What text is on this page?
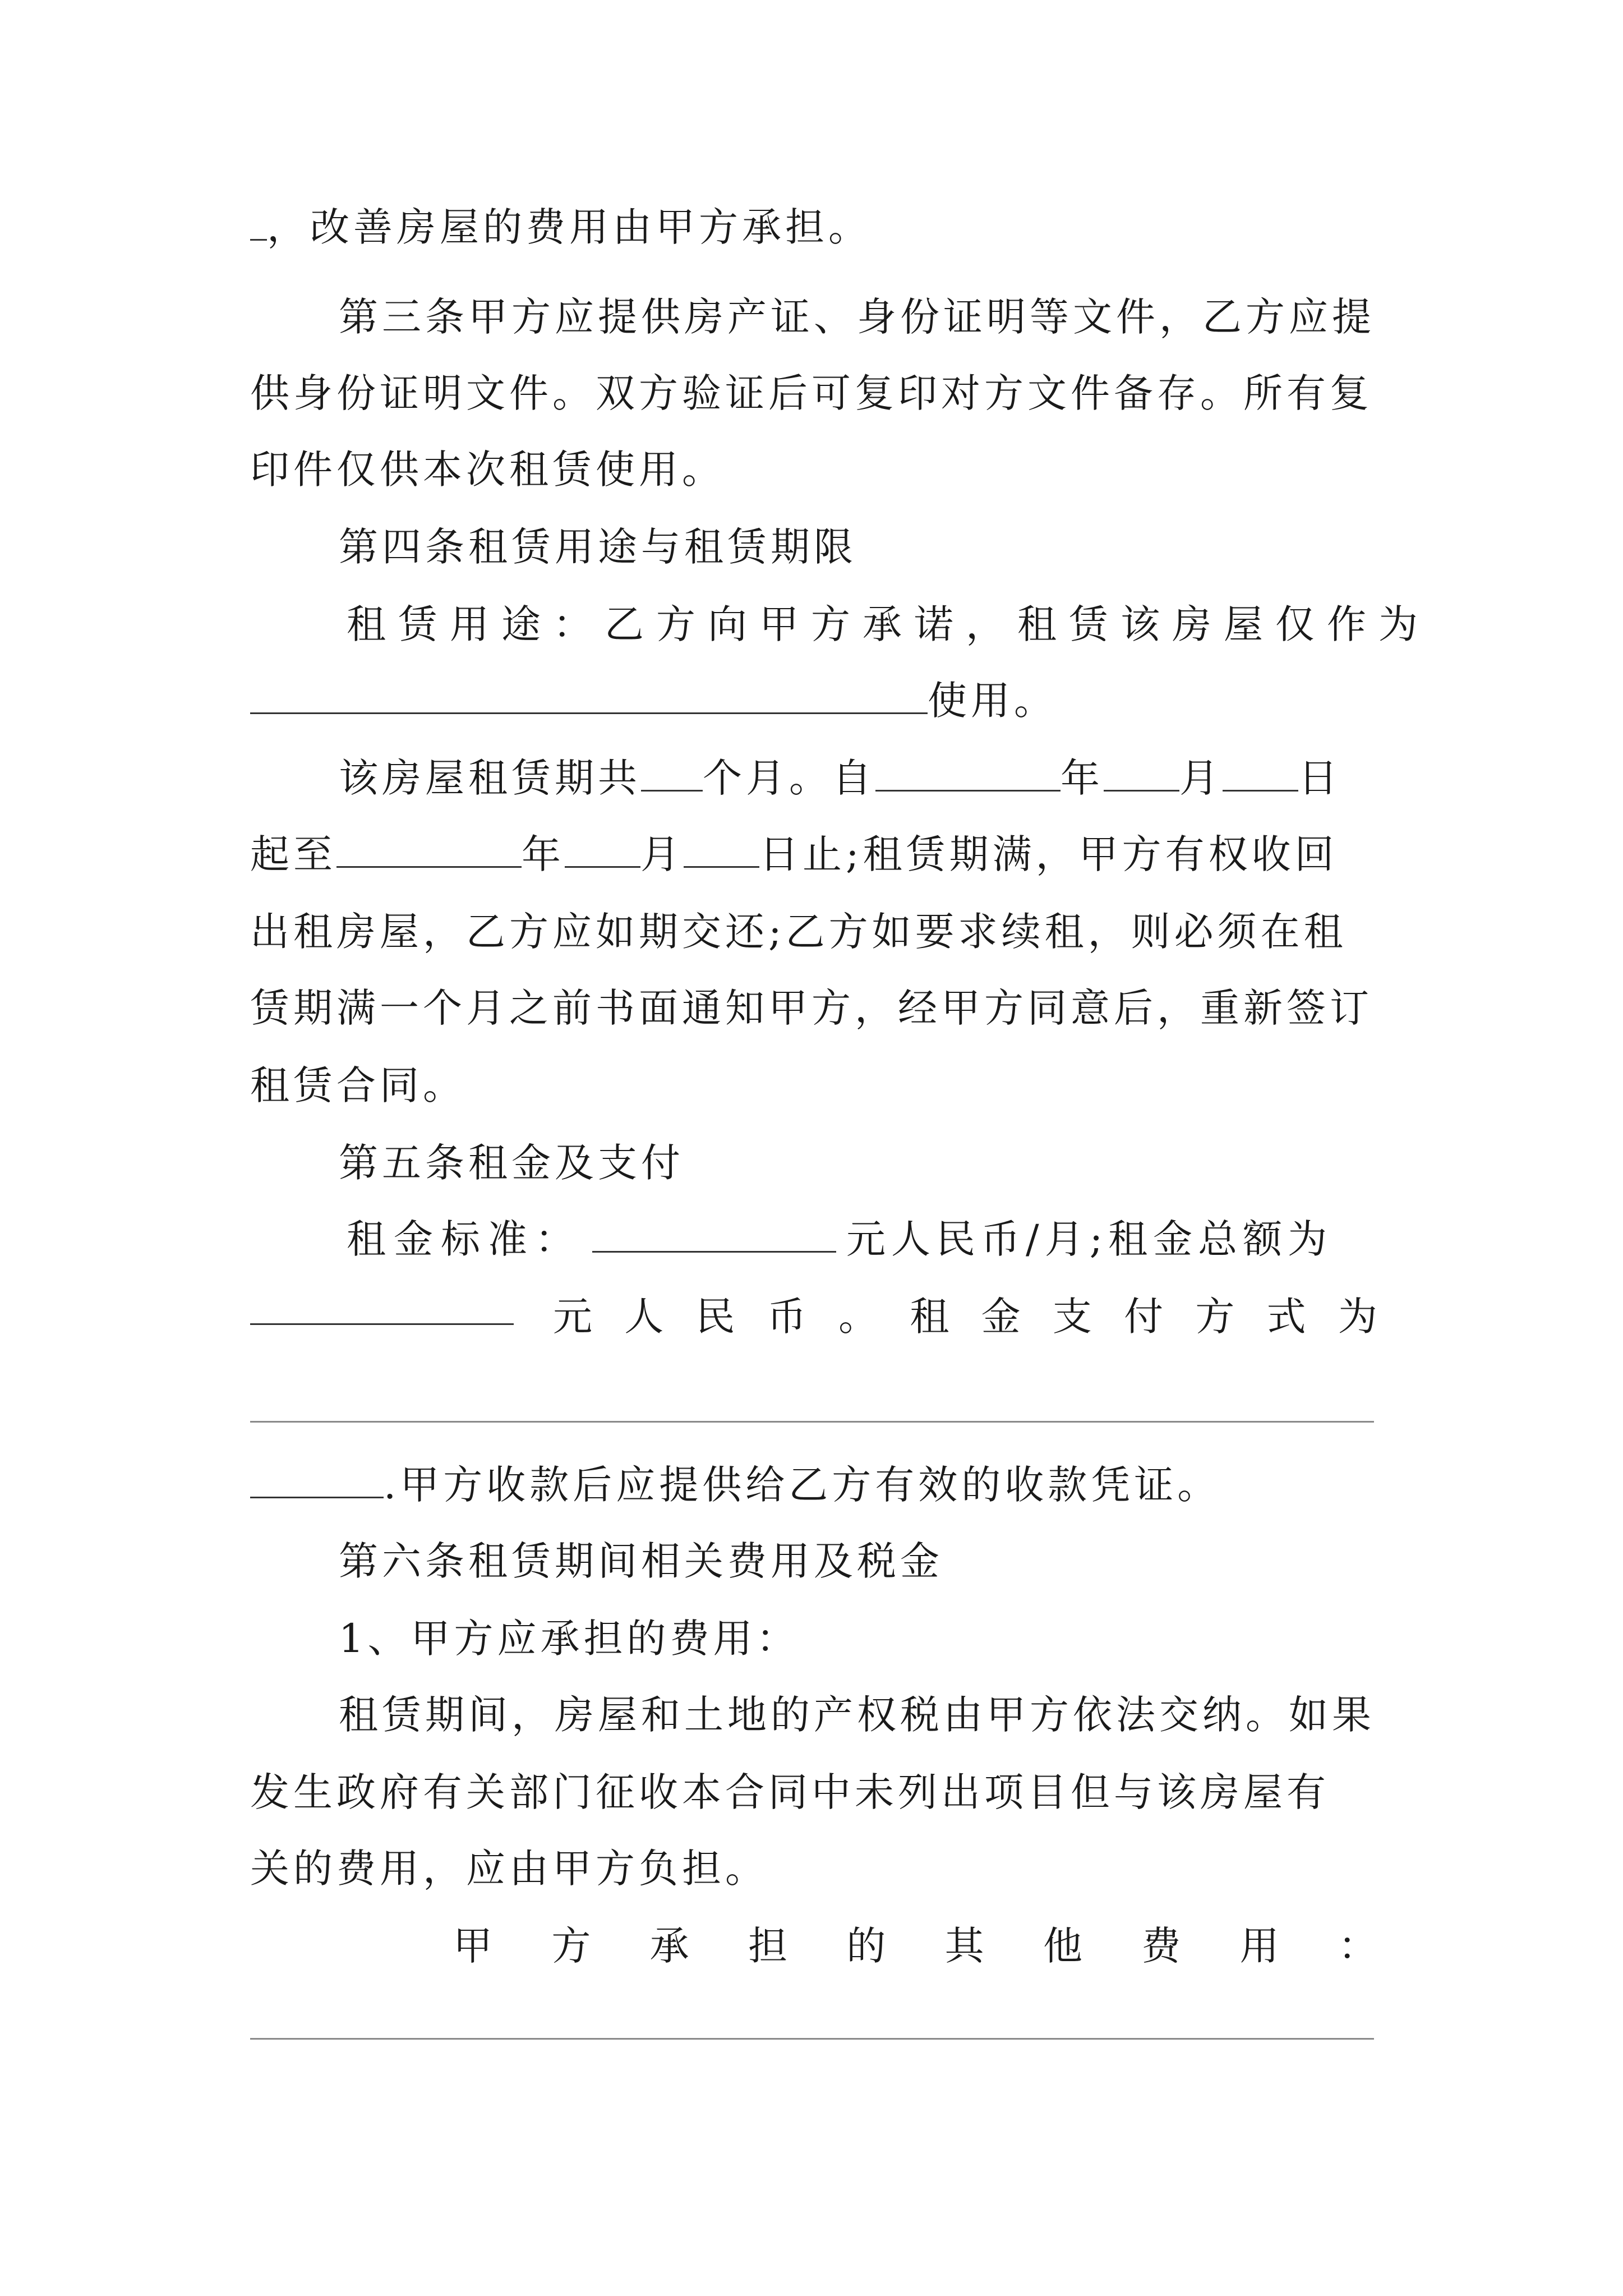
，改善房屋的费用由甲方承担。
第三条甲方应提供房产证、身份证明等文件，乙方应提
供身份证明文件。双方验证后可复印对方文件备存。所有复
印件仅供本次租赁使用。
第四条租赁用途与租赁期限
租赁用途：乙方向甲方承诺，租赁该房屋仅作为
使用。
该房屋租赁期共 个月。自	年 月 日
起至	年 月 日止;租赁期满，甲方有权收回
出租房屋，乙方应如期交还;乙方如要求续租，则必须在租
赁期满一个月之前书面通知甲方，经甲方同意后，重新签订
租赁合同。
第五条租金及支付
租金标准：	元人民币/月;租金总额为
元 人 民 币 。 租 金 支 付 方 式 为
.甲方收款后应提供给乙方有效的收款凭证。
第六条租赁期间相关费用及税金
1、甲方应承担的费用：
租赁期间，房屋和土地的产权税由甲方依法交纳。如果
发生政府有关部门征收本合同中未列出项目但与该房屋有
关的费用，应由甲方负担。
甲 方 承 担 的 其 他 费 用 ：
